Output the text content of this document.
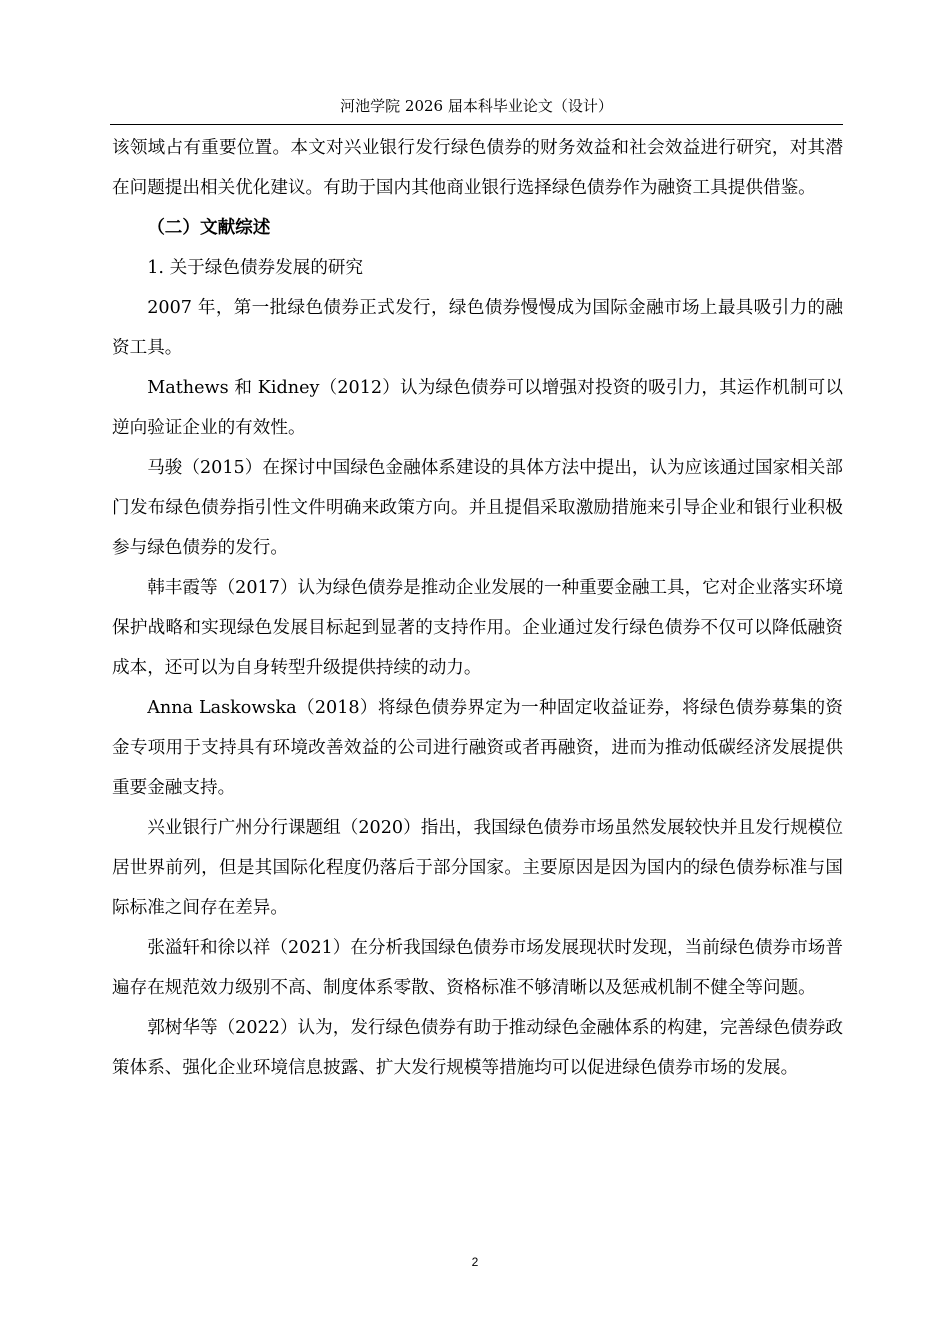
河池学院 2026 届本科毕业论文（设计）

该领域占有重要位置。本文对兴业银行发行绿色债券的财务效益和社会效益进行研究，对其潜在问题提出相关优化建议。有助于国内其他商业银行选择绿色债券作为融资工具提供借鉴。

（二）文献综述

1. 关于绿色债券发展的研究

2007 年，第一批绿色债券正式发行，绿色债券慢慢成为国际金融市场上最具吸引力的融资工具。

Mathews 和 Kidney（2012）认为绿色债券可以增强对投资的吸引力，其运作机制可以逆向验证企业的有效性。

马骏（2015）在探讨中国绿色金融体系建设的具体方法中提出，认为应该通过国家相关部门发布绿色债券指引性文件明确来政策方向。并且提倡采取激励措施来引导企业和银行业积极参与绿色债券的发行。

韩丰霞等（2017）认为绿色债券是推动企业发展的一种重要金融工具，它对企业落实环境保护战略和实现绿色发展目标起到显著的支持作用。企业通过发行绿色债券不仅可以降低融资成本，还可以为自身转型升级提供持续的动力。

Anna Laskowska（2018）将绿色债券界定为一种固定收益证券，将绿色债券募集的资金专项用于支持具有环境改善效益的公司进行融资或者再融资，进而为推动低碳经济发展提供重要金融支持。

兴业银行广州分行课题组（2020）指出，我国绿色债券市场虽然发展较快并且发行规模位居世界前列，但是其国际化程度仍落后于部分国家。主要原因是因为国内的绿色债券标准与国际标准之间存在差异。

张溢轩和徐以祥（2021）在分析我国绿色债券市场发展现状时发现，当前绿色债券市场普遍存在规范效力级别不高、制度体系零散、资格标准不够清晰以及惩戒机制不健全等问题。

郭树华等（2022）认为，发行绿色债券有助于推动绿色金融体系的构建，完善绿色债券政策体系、强化企业环境信息披露、扩大发行规模等措施均可以促进绿色债券市场的发展。

2
